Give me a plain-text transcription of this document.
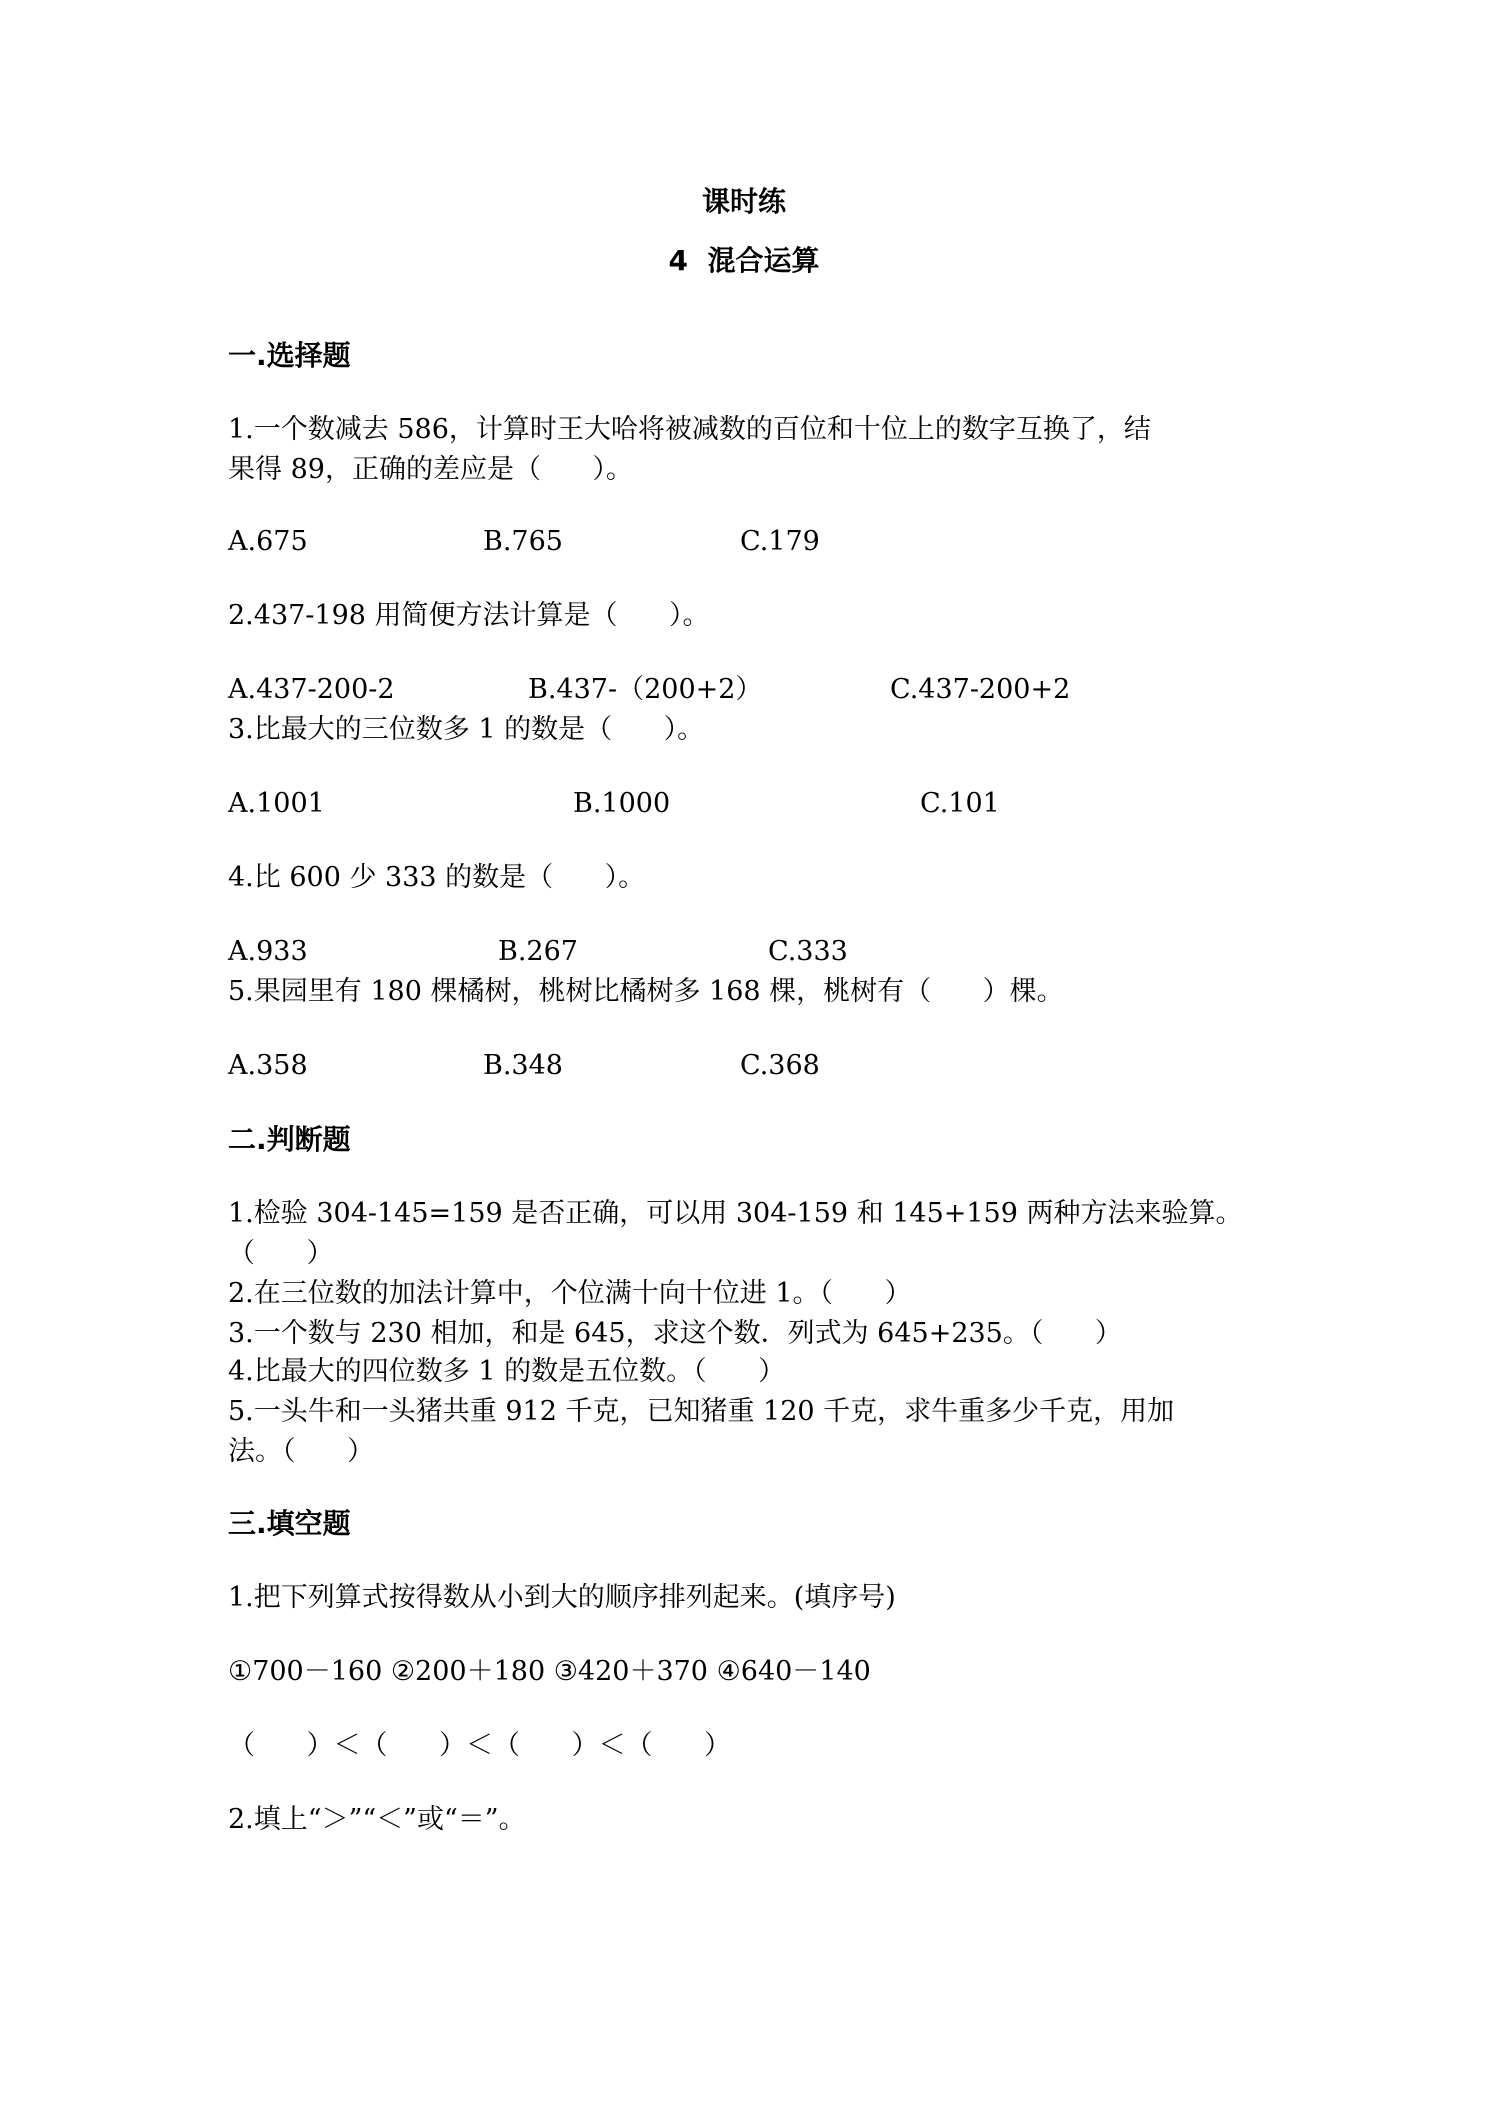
课时练
4  混合运算
一.选择题
1.一个数减去 586，计算时王大哈将被减数的百位和十位上的数字互换了，结
果得 89，正确的差应是（      ）。
A.675	B.765	C.179
2.437-198 用简便方法计算是（      ）。
A.437-200-2	B.437-（200+2）	C.437-200+2
3.比最大的三位数多 1 的数是（      ）。
A.1001	B.1000	C.101
4.比 600 少 333 的数是（      ）。
A.933	B.267	C.333
5.果园里有 180 棵橘树，桃树比橘树多 168 棵，桃树有（      ）棵。
A.358	B.348	C.368
二.判断题
1.检验 304-145=159 是否正确，可以用 304-159 和 145+159 两种方法来验算。
（      ）
2.在三位数的加法计算中，个位满十向十位进 1。（      ）
3.一个数与 230 相加，和是 645，求这个数．列式为 645+235。（      ）
4.比最大的四位数多 1 的数是五位数。（      ）
5.一头牛和一头猪共重 912 千克，已知猪重 120 千克，求牛重多少千克，用加
法。（      ）
三.填空题
1.把下列算式按得数从小到大的顺序排列起来。(填序号)
①700－160 ②200＋180 ③420＋370 ④640－140
（      ）＜（      ）＜（      ）＜（      ）
2.填上“＞”“＜”或“＝”。
